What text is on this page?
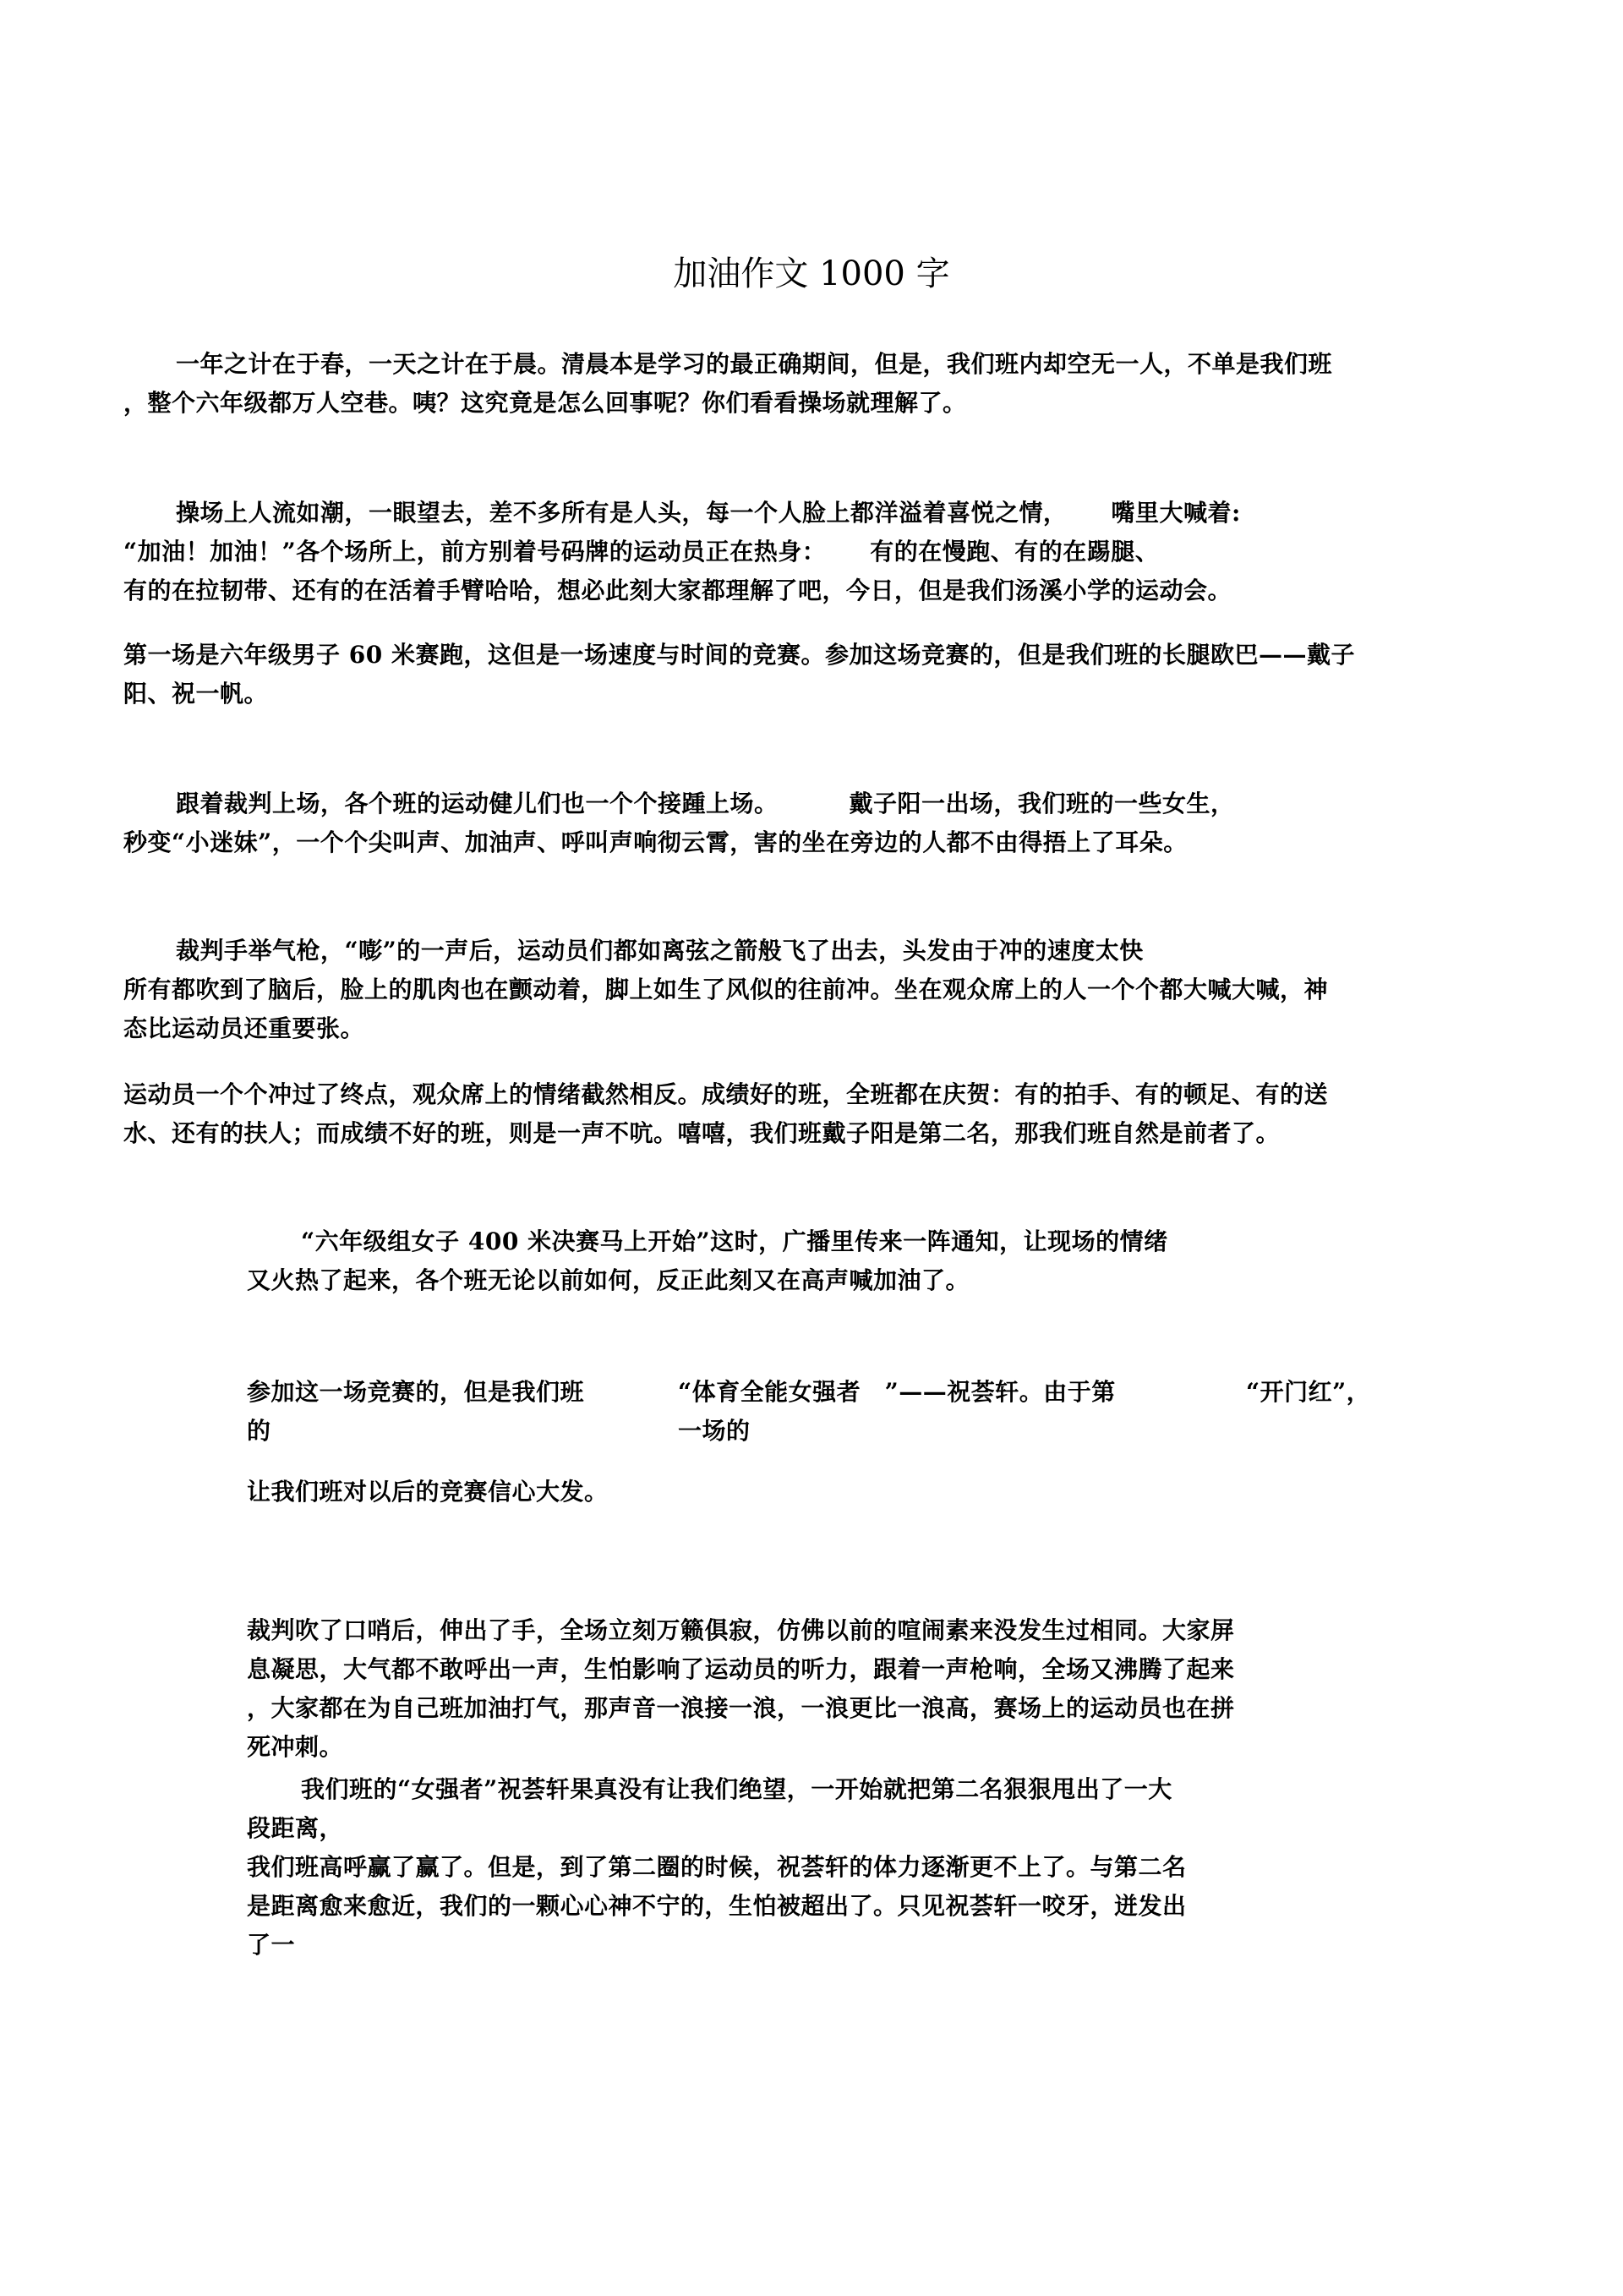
加油作文 1000 字
一年之计在于春，一天之计在于晨。清晨本是学习的最正确期间，但是，我们班内却空无一人，不单是我们班
，整个六年级都万人空巷。咦？这究竟是怎么回事呢？你们看看操场就理解了。
操场上人流如潮，一眼望去，差不多所有是人头，每一个人脸上都洋溢着喜悦之情， 嘴里大喊着:
“加油！加油！”各个场所上，前方别着号码牌的运动员正在热身： 有的在慢跑、有的在踢腿、
有的在拉韧带、还有的在活着手臂哈哈，想必此刻大家都理解了吧，今日，但是我们汤溪小学的运动会。
第一场是六年级男子 60 米赛跑，这但是一场速度与时间的竞赛。参加这场竞赛的，但是我们班的长腿欧巴——戴子
阳、祝一帆。
跟着裁判上场，各个班的运动健儿们也一个个接踵上场。	戴子阳一出场，我们班的一些女生，
秒变“小迷妹”，一个个尖叫声、加油声、呼叫声响彻云霄，害的坐在旁边的人都不由得捂上了耳朵。
裁判手举气枪，“嘭”的一声后，运动员们都如离弦之箭般飞了出去，头发由于冲的速度太快
所有都吹到了脑后，脸上的肌肉也在颤动着，脚上如生了风似的往前冲。坐在观众席上的人一个个都大喊大喊，神
态比运动员还重要张。
运动员一个个冲过了终点，观众席上的情绪截然相反。成绩好的班，全班都在庆贺：有的拍手、有的顿足、有的送
水、还有的扶人；而成绩不好的班，则是一声不吭。嘻嘻，我们班戴子阳是第二名，那我们班自然是前者了。
“六年级组女子 400 米决赛马上开始”这时，广播里传来一阵通知，让现场的情绪
又火热了起来，各个班无论以前如何，反正此刻又在高声喊加油了。
参加这一场竞赛的，但是我们班
的
“体育全能女强者　”——祝荟轩。由于第
一场的
“开门红”，
让我们班对以后的竞赛信心大发。
裁判吹了口哨后，伸出了手，全场立刻万籁俱寂，仿佛以前的喧闹素来没发生过相同。大家屏
息凝思，大气都不敢呼出一声，生怕影响了运动员的听力，跟着一声枪响，全场又沸腾了起来
，大家都在为自己班加油打气，那声音一浪接一浪，一浪更比一浪高，赛场上的运动员也在拼
死冲刺。
我们班的“女强者”祝荟轩果真没有让我们绝望，一开始就把第二名狠狠甩出了一大
段距离，
我们班高呼赢了赢了。但是，到了第二圈的时候，祝荟轩的体力逐渐更不上了。与第二名
是距离愈来愈近，我们的一颗心心神不宁的，生怕被超出了。只见祝荟轩一咬牙，迸发出
了一
